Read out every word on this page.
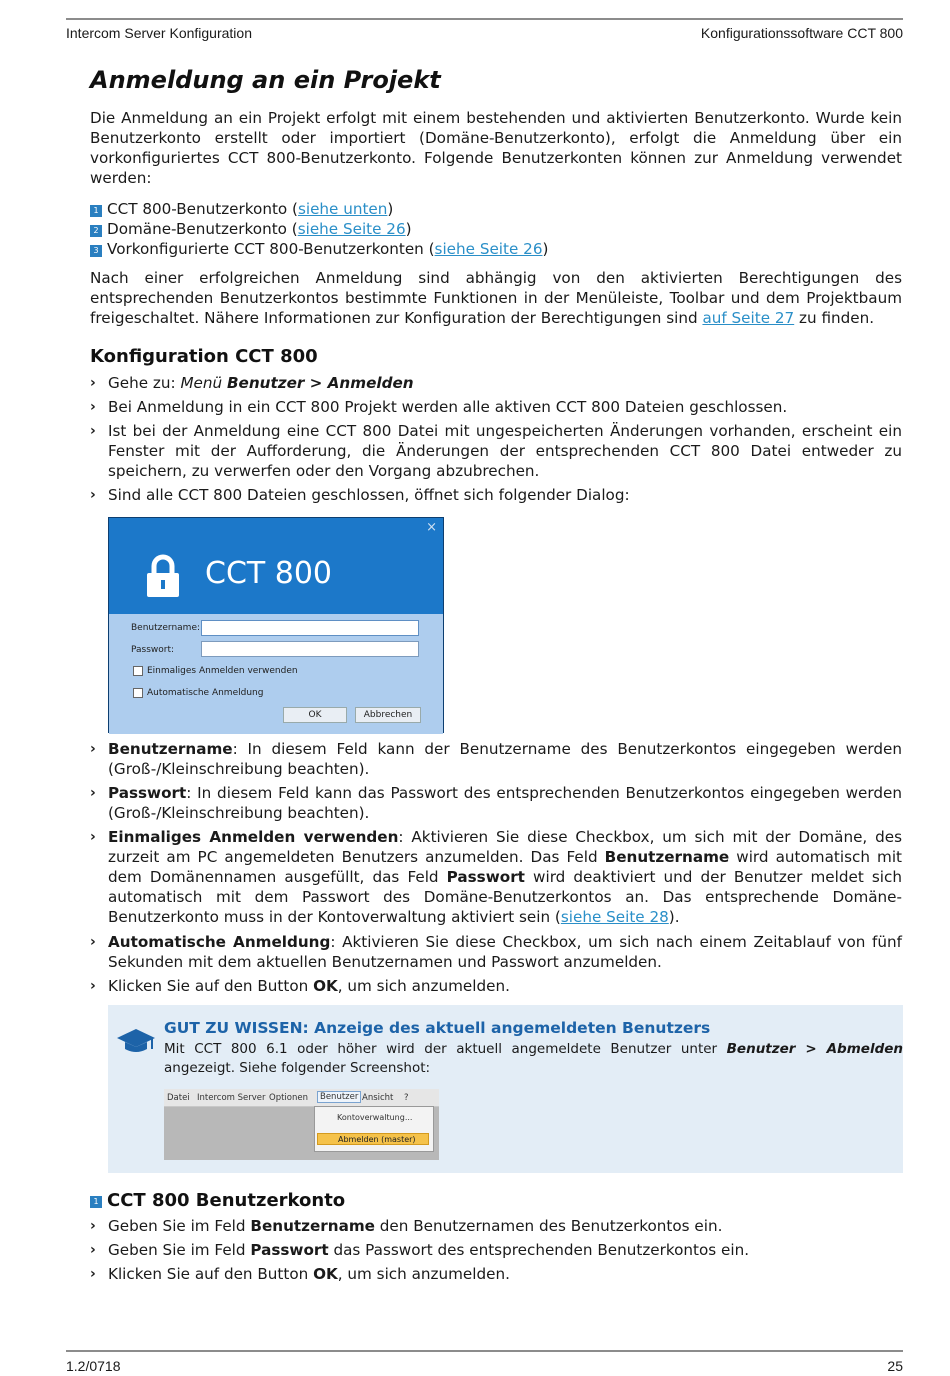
Intercom Server Konfiguration	Konfigurationssoftware CCT 800
1.2/0718	25
Anmeldung an ein Projekt

Die Anmeldung an ein Projekt erfolgt mit einem bestehenden und aktivierten Benutzerkonto. Wurde kein Benutzerkonto erstellt oder importiert (Domäne-Benutzerkonto), erfolgt die Anmeldung über ein vorkonfiguriertes CCT 800-Benutzerkonto. Folgende Benutzerkonten können zur Anmeldung verwendet werden:

1 CCT 800-Benutzerkonto (siehe unten)
2 Domäne-Benutzerkonto (siehe Seite 26)
3 Vorkonfigurierte CCT 800-Benutzerkonten (siehe Seite 26)

Nach einer erfolgreichen Anmeldung sind abhängig von den aktivierten Berechtigungen des entsprechenden Benutzerkontos bestimmte Funktionen in der Menüleiste, Toolbar und dem Projektbaum freigeschaltet. Nähere Informationen zur Konfiguration der Berechtigungen sind auf Seite 27 zu finden.

Konfiguration CCT 800
› Gehe zu: Menü Benutzer > Anmelden
› Bei Anmeldung in ein CCT 800 Projekt werden alle aktiven CCT 800 Dateien geschlossen.
› Ist bei der Anmeldung eine CCT 800 Datei mit ungespeicherten Änderungen vorhanden, erscheint ein Fenster mit der Aufforderung, die Änderungen der entsprechenden CCT 800 Datei entweder zu speichern, zu verwerfen oder den Vorgang abzubrechen.
› Sind alle CCT 800 Dateien geschlossen, öffnet sich folgender Dialog:
×
CCT 800
Benutzername:
Passwort:
Einmaliges Anmelden verwenden
Automatische Anmeldung
OK	Abbrechen
› Benutzername: In diesem Feld kann der Benutzername des Benutzerkontos eingegeben werden (Groß-/Kleinschreibung beachten).
› Passwort: In diesem Feld kann das Passwort des entsprechenden Benutzerkontos eingegeben werden (Groß-/Kleinschreibung beachten).
› Einmaliges Anmelden verwenden: Aktivieren Sie diese Checkbox, um sich mit der Domäne, des zurzeit am PC angemeldeten Benutzers anzumelden. Das Feld Benutzername wird automatisch mit dem Domänennamen ausgefüllt, das Feld Passwort wird deaktiviert und der Benutzer meldet sich automatisch mit dem Passwort des Domäne-Benutzerkontos an. Das entsprechende Domäne-Benutzerkonto muss in der Kontoverwaltung aktiviert sein (siehe Seite 28).
› Automatische Anmeldung: Aktivieren Sie diese Checkbox, um sich nach einem Zeitablauf von fünf Sekunden mit dem aktuellen Benutzernamen und Passwort anzumelden.
› Klicken Sie auf den Button OK, um sich anzumelden.
GUT ZU WISSEN: Anzeige des aktuell angemeldeten Benutzers
Mit CCT 800 6.1 oder höher wird der aktuell angemeldete Benutzer unter Benutzer > Abmelden angezeigt. Siehe folgender Screenshot:
Datei Intercom Server Optionen	Benutzer Ansicht ?
Kontoverwaltung...
Abmelden (master)
1 CCT 800 Benutzerkonto
› Geben Sie im Feld Benutzername den Benutzernamen des Benutzerkontos ein.
› Geben Sie im Feld Passwort das Passwort des entsprechenden Benutzerkontos ein.
› Klicken Sie auf den Button OK, um sich anzumelden.
